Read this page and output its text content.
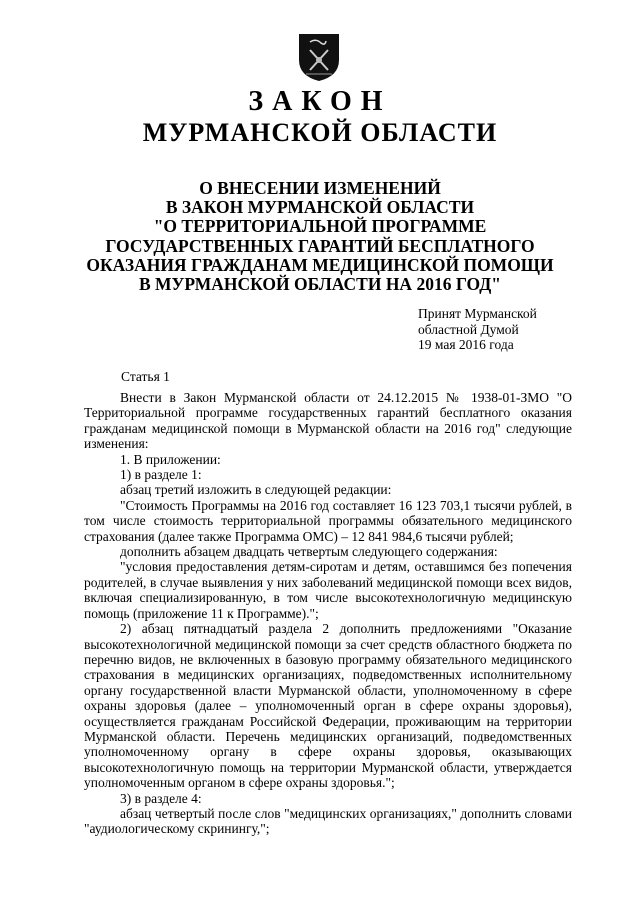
ЗАКОН
МУРМАНСКОЙ ОБЛАСТИ
О ВНЕСЕНИИ ИЗМЕНЕНИЙ
В ЗАКОН МУРМАНСКОЙ ОБЛАСТИ
"О ТЕРРИТОРИАЛЬНОЙ ПРОГРАММЕ
ГОСУДАРСТВЕННЫХ ГАРАНТИЙ БЕСПЛАТНОГО
ОКАЗАНИЯ ГРАЖДАНАМ МЕДИЦИНСКОЙ ПОМОЩИ
В МУРМАНСКОЙ ОБЛАСТИ НА 2016 ГОД"
Принят Мурманской
областной Думой
19 мая 2016 года
Статья 1

Внести в Закон Мурманской области от 24.12.2015 № 1938-01-ЗМО "О Территориальной программе государственных гарантий бесплатного оказания гражданам медицинской помощи в Мурманской области на 2016 год" следующие изменения:

1. В приложении:

1) в разделе 1:

абзац третий изложить в следующей редакции:

"Стоимость Программы на 2016 год составляет 16 123 703,1 тысячи рублей, в том числе стоимость территориальной программы обязательного медицинского страхования (далее также Программа ОМС) – 12 841 984,6 тысячи рублей;

дополнить абзацем двадцать четвертым следующего содержания:

"условия предоставления детям-сиротам и детям, оставшимся без попечения родителей, в случае выявления у них заболеваний медицинской помощи всех видов, включая специализированную, в том числе высокотехнологичную медицинскую помощь (приложение 11 к Программе).";

2) абзац пятнадцатый раздела 2 дополнить предложениями "Оказание высокотехнологичной медицинской помощи за счет средств областного бюджета по перечню видов, не включенных в базовую программу обязательного медицинского страхования в медицинских организациях, подведомственных исполнительному органу государственной власти Мурманской области, уполномоченному в сфере охраны здоровья (далее – уполномоченный орган в сфере охраны здоровья), осуществляется гражданам Российской Федерации, проживающим на территории Мурманской области. Перечень медицинских организаций, подведомственных уполномоченному органу в сфере охраны здоровья, оказывающих высокотехнологичную помощь на территории Мурманской области, утверждается уполномоченным органом в сфере охраны здоровья.";

3) в разделе 4:

абзац четвертый после слов "медицинских организациях," дополнить словами "аудиологическому скринингу,";
